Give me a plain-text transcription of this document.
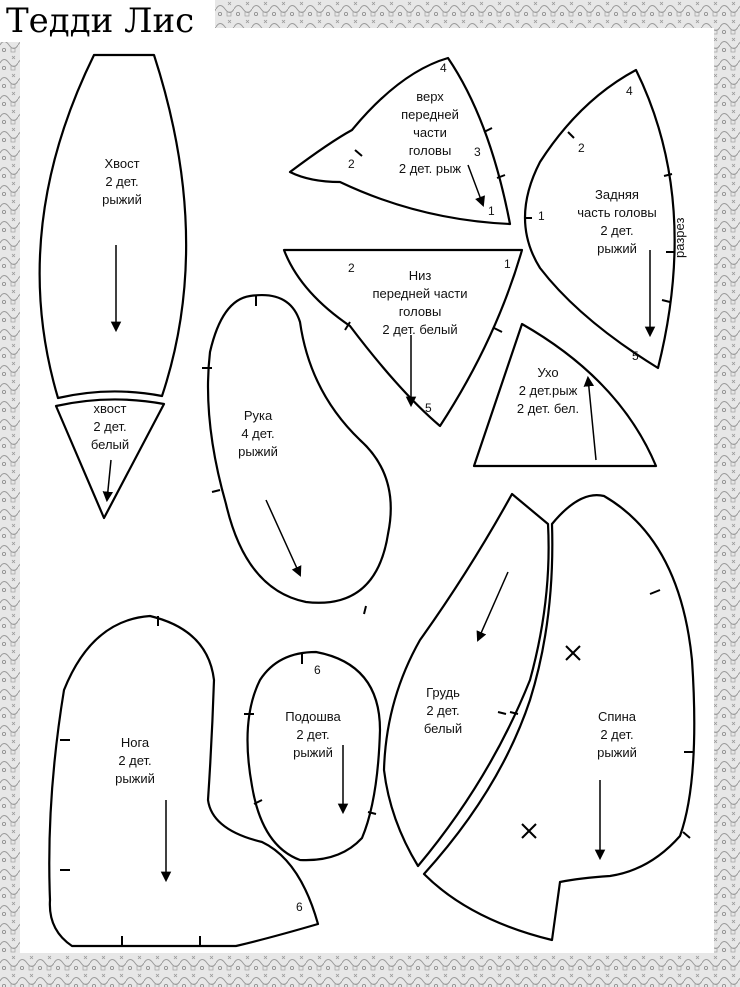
Тедди Лис
Хвост 2 дет. рыжий
хвост 2 дет. белый
4
3
2
1
верх передней части головы 2 дет. рыж
2	1
5
Низ передней части головы 2 дет. белый
4
2
1
5
Задняя часть головы 2 дет. рыжий	разрез
Рука 4 дет. рыжий
Ухо 2 дет.рыж 2 дет. бел.
6
Нога 2 дет. рыжий
6
Подошва 2 дет. рыжий
Грудь 2 дет. белый
Спина 2 дет. рыжий
